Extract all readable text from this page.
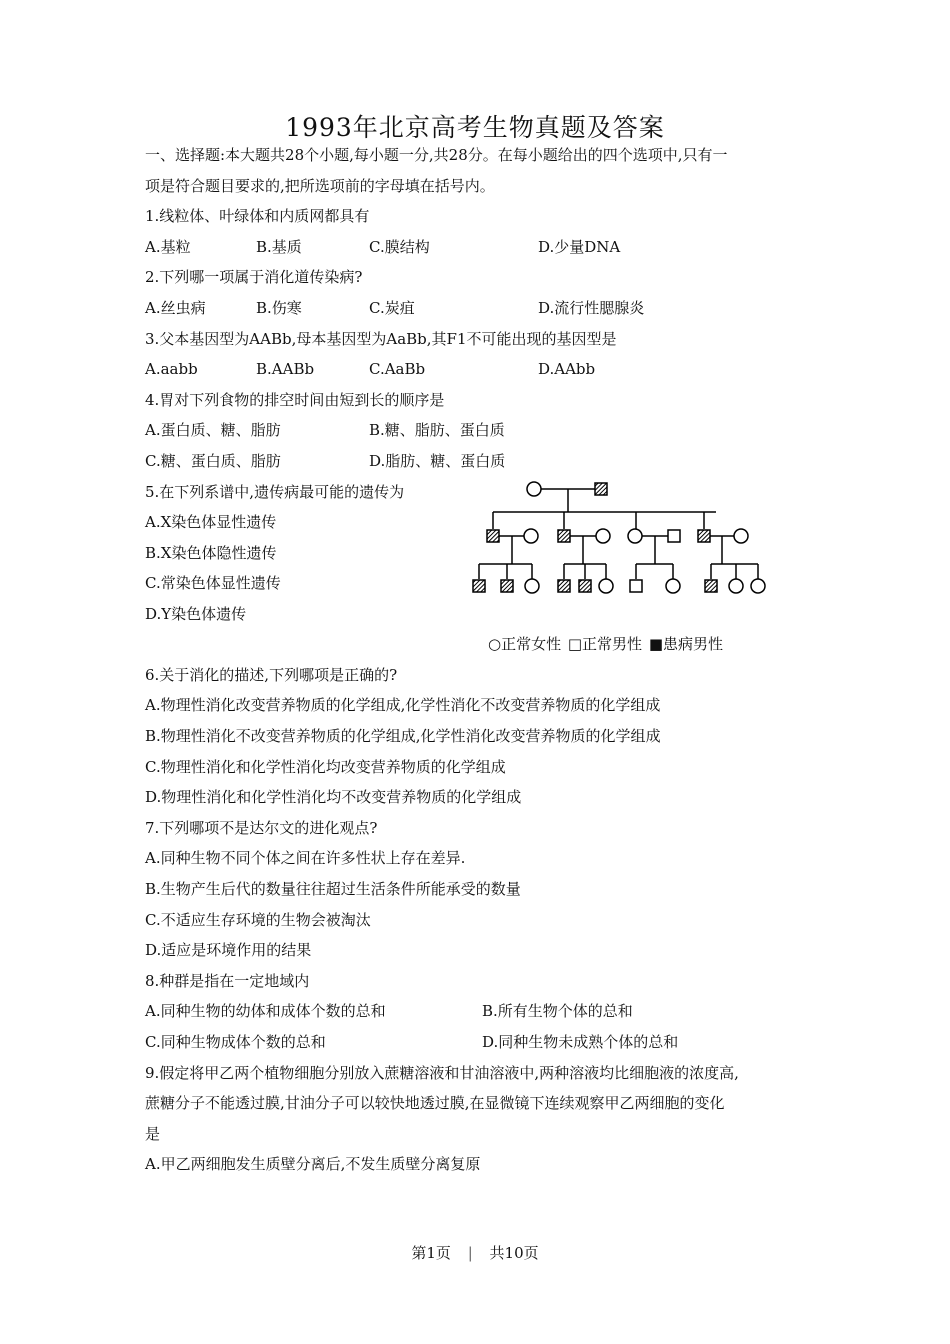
1993年北京高考生物真题及答案
一、选择题:本大题共28个小题,每小题一分,共28分。在每小题给出的四个选项中,只有一
项是符合题目要求的,把所选项前的字母填在括号内。
1.线粒体、叶绿体和内质网都具有
A.基粒	B.基质	C.膜结构	D.少量DNA
2.下列哪一项属于消化道传染病?
A.丝虫病	B.伤寒	C.炭疽	D.流行性腮腺炎
3.父本基因型为AABb,母本基因型为AaBb,其F1不可能出现的基因型是
A.aabb	B.AABb	C.AaBb	D.AAbb
4.胃对下列食物的排空时间由短到长的顺序是
A.蛋白质、糖、脂肪	B.糖、脂肪、蛋白质
C.糖、蛋白质、脂肪	D.脂肪、糖、蛋白质
5.在下列系谱中,遗传病最可能的遗传为
A.X染色体显性遗传
B.X染色体隐性遗传
C.常染色体显性遗传
D.Y染色体遗传
○正常女性 □正常男性 ■患病男性
6.关于消化的描述,下列哪项是正确的?
A.物理性消化改变营养物质的化学组成,化学性消化不改变营养物质的化学组成
B.物理性消化不改变营养物质的化学组成,化学性消化改变营养物质的化学组成
C.物理性消化和化学性消化均改变营养物质的化学组成
D.物理性消化和化学性消化均不改变营养物质的化学组成
7.下列哪项不是达尔文的进化观点?
A.同种生物不同个体之间在许多性状上存在差异.
B.生物产生后代的数量往往超过生活条件所能承受的数量
C.不适应生存环境的生物会被淘汰
D.适应是环境作用的结果
8.种群是指在一定地域内
A.同种生物的幼体和成体个数的总和	B.所有生物个体的总和
C.同种生物成体个数的总和	D.同种生物未成熟个体的总和
9.假定将甲乙两个植物细胞分别放入蔗糖溶液和甘油溶液中,两种溶液均比细胞液的浓度高,
蔗糖分子不能透过膜,甘油分子可以较快地透过膜,在显微镜下连续观察甲乙两细胞的变化
是
A.甲乙两细胞发生质壁分离后,不发生质壁分离复原
第1页 | 共10页
